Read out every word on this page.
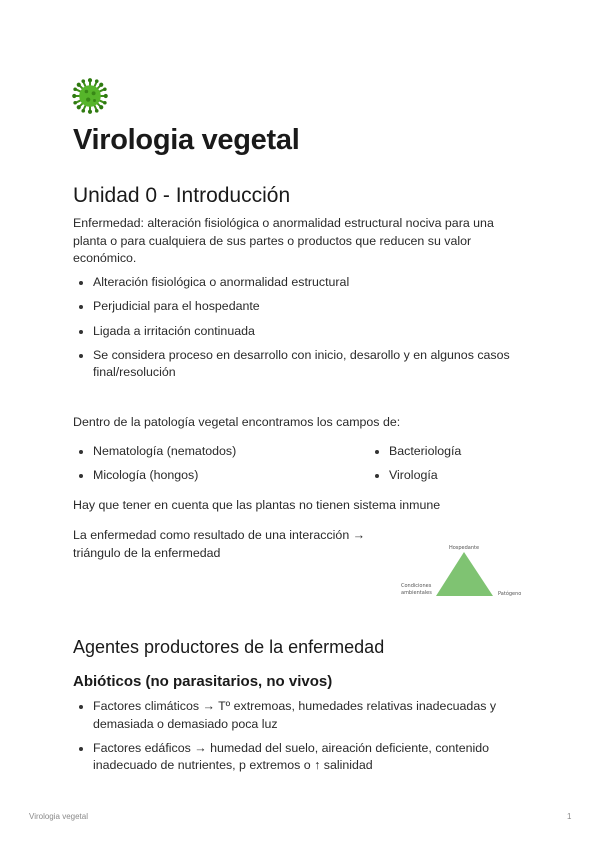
Virologia vegetal
Unidad 0 - Introducción

Enfermedad: alteración fisiológica o anormalidad estructural nociva para una
planta o para cualquiera de sus partes o productos que reducen su valor
económico.

Alteración fisiológica o anormalidad estructural
Perjudicial para el hospedante
Ligada a irritación continuada
Se considera proceso en desarrollo con inicio, desarollo y en algunos casos
final/resolución

Dentro de la patología vegetal encontramos los campos de:

Nematología (nematodos)
Micología (hongos)
Bacteriología
Virología

Hay que tener en cuenta que las plantas no tienen sistema inmune

La enfermedad como resultado de una interacción →
triángulo de la enfermedad	Hospedante
Condiciones
ambientales	Patógeno
Agentes productores de la enfermedad
Abióticos (no parasitarios, no vivos)
Factores climáticos → Tº extremoas, humedades relativas inadecuadas y
demasiada o demasiado poca luz
Factores edáficos → humedad del suelo, aireación deficiente, contenido
inadecuado de nutrientes, p extremos o ↑ salinidad
Virologia vegetal	1
